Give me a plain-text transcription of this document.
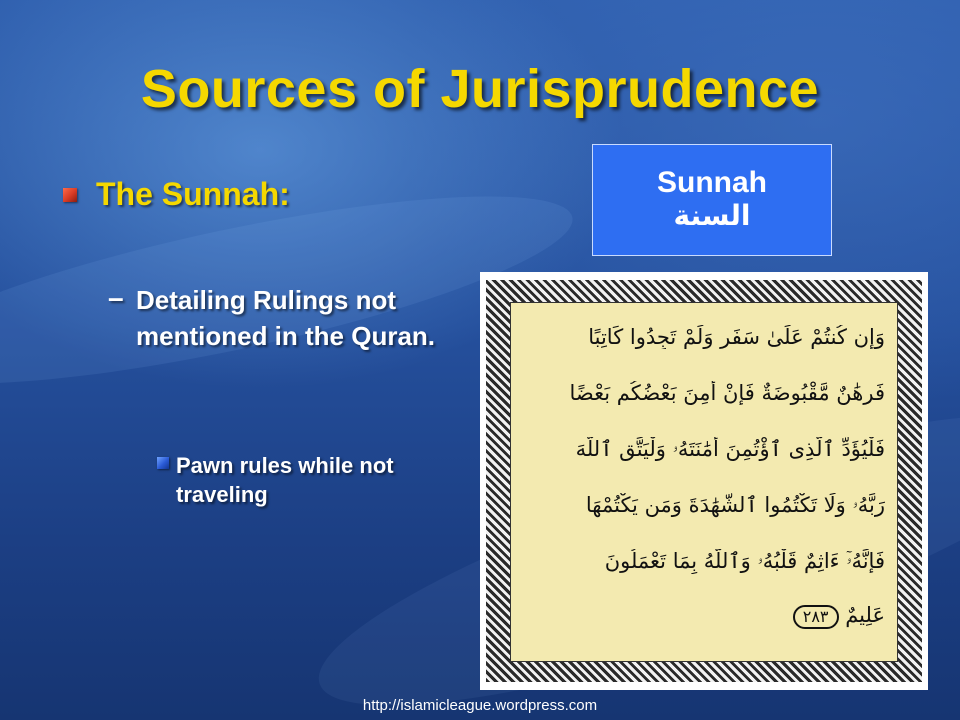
Sources of Jurisprudence
The Sunnah:
– Detailing Rulings not mentioned in the Quran.
Pawn rules while not traveling
Sunnah
السنة
وَإِن كُنتُمْ عَلَىٰ سَفَرٍ وَلَمْ تَجِدُوا كَاتِبًا
فَرِهَٰنٌ مَّقْبُوضَةٌ فَإِنْ أَمِنَ بَعْضُكُم بَعْضًا
فَلْيُؤَدِّ ٱلَّذِى ٱؤْتُمِنَ أَمَٰنَتَهُۥ وَلْيَتَّقِ ٱللَّهَ
رَبَّهُۥ وَلَا تَكْتُمُوا ٱلشَّهَٰدَةَ وَمَن يَكْتُمْهَا
فَإِنَّهُۥٓ ءَاثِمٌ قَلْبُهُۥ وَٱللَّهُ بِمَا تَعْمَلُونَ
عَلِيمٌ ٢٨٣
http://islamicleague.wordpress.com
